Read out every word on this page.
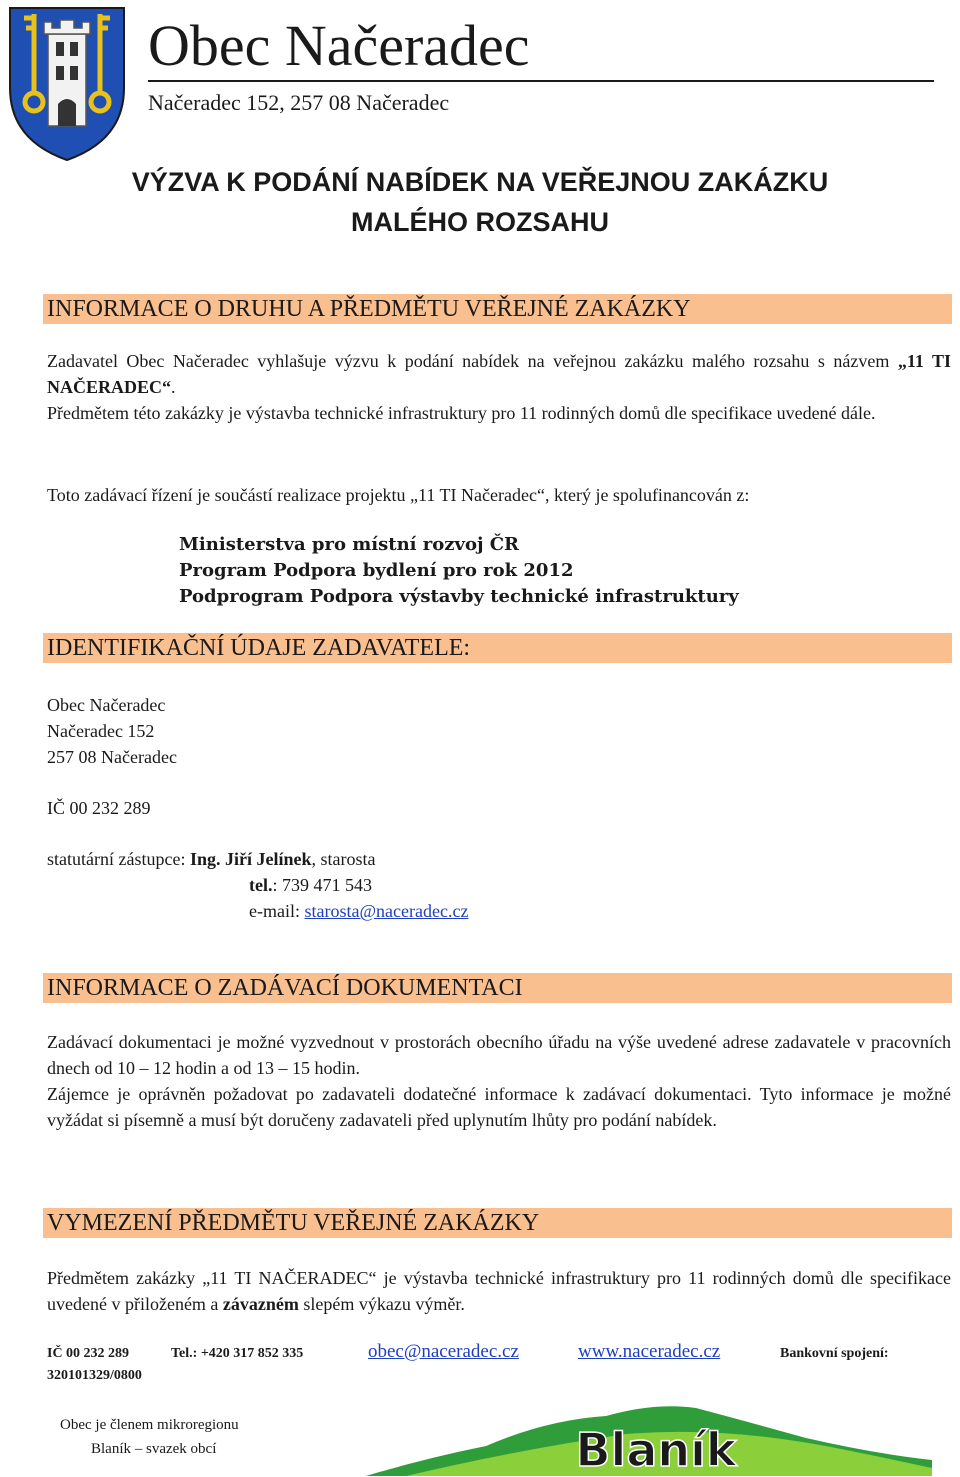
Obec Načeradec
Načeradec 152, 257 08 Načeradec
VÝZVA K PODÁNÍ NABÍDEK NA VEŘEJNOU ZAKÁZKU
MALÉHO ROZSAHU
INFORMACE O DRUHU A PŘEDMĚTU VEŘEJNÉ ZAKÁZKY

Zadavatel Obec Načeradec vyhlašuje výzvu k podání nabídek na veřejnou zakázku malého rozsahu s názvem „11 TI NAČERADEC“.

Předmětem této zakázky je výstavba technické infrastruktury pro 11 rodinných domů dle specifikace uvedené dále.

Toto zadávací řízení je součástí realizace projektu „11 TI Načeradec“, který je spolufinancován z:
Ministerstva pro místní rozvoj ČR
Program Podpora bydlení pro rok 2012
Podprogram Podpora výstavby technické infrastruktury
IDENTIFIKAČNÍ ÚDAJE ZADAVATELE:
Obec Načeradec
Načeradec 152
257 08 Načeradec
IČ 00 232 289
statutární zástupce: Ing. Jiří Jelínek, starosta
tel.: 739 471 543
e-mail: starosta@naceradec.cz
INFORMACE O ZADÁVACÍ DOKUMENTACI

Zadávací dokumentaci je možné vyzvednout v prostorách obecního úřadu na výše uvedené adrese zadavatele v pracovních dnech od 10 – 12 hodin a od 13 – 15 hodin.

Zájemce je oprávněn požadovat po zadavateli dodatečné informace k zadávací dokumentaci. Tyto informace je možné vyžádat si písemně a musí být doručeny zadavateli před uplynutím lhůty pro podání nabídek.

VYMEZENÍ PŘEDMĚTU VEŘEJNÉ ZAKÁZKY

Předmětem zakázky „11 TI NAČERADEC“ je výstavba technické infrastruktury pro 11 rodinných domů dle specifikace uvedené v přiloženém a závazném slepém výkazu výměr.

IČ 00 232 289	Tel.: +420 317 852 335	obec@naceradec.cz	www.naceradec.cz	Bankovní spojení:
320101329/0800
Obec je členem mikroregionu
Blaník – svazek obcí	Blaník
